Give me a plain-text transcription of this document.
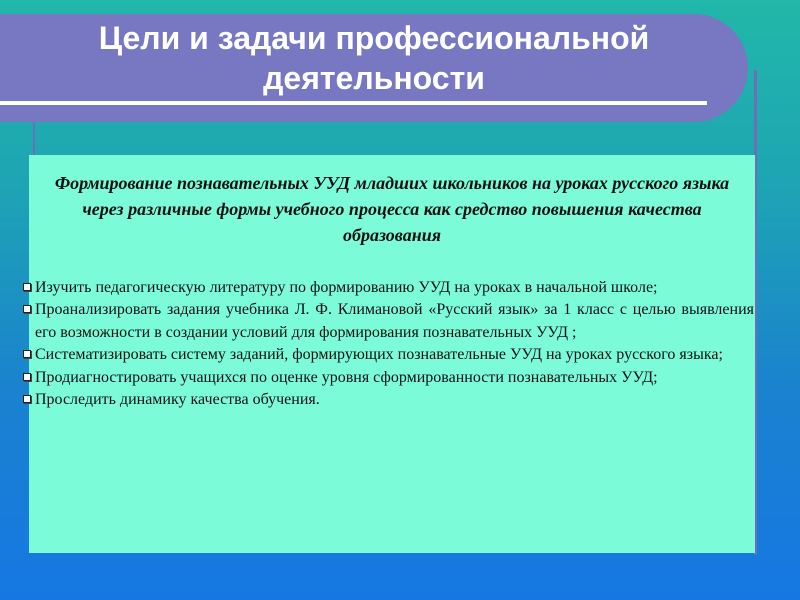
Цели и задачи профессиональной деятельности
Формирование познавательных УУД младших школьников на уроках русского языка через различные формы учебного процесса как средство повышения качества образования
Изучить педагогическую литературу по формированию УУД на уроках в начальной школе;
Проанализировать задания учебника Л. Ф. Климановой «Русский язык» за 1 класс с целью выявления его возможности в создании условий для формирования познавательных УУД ;
Систематизировать систему заданий, формирующих познавательные УУД на уроках русского языка;
Продиагностировать учащихся по оценке уровня сформированности познавательных УУД;
Проследить динамику качества обучения.
